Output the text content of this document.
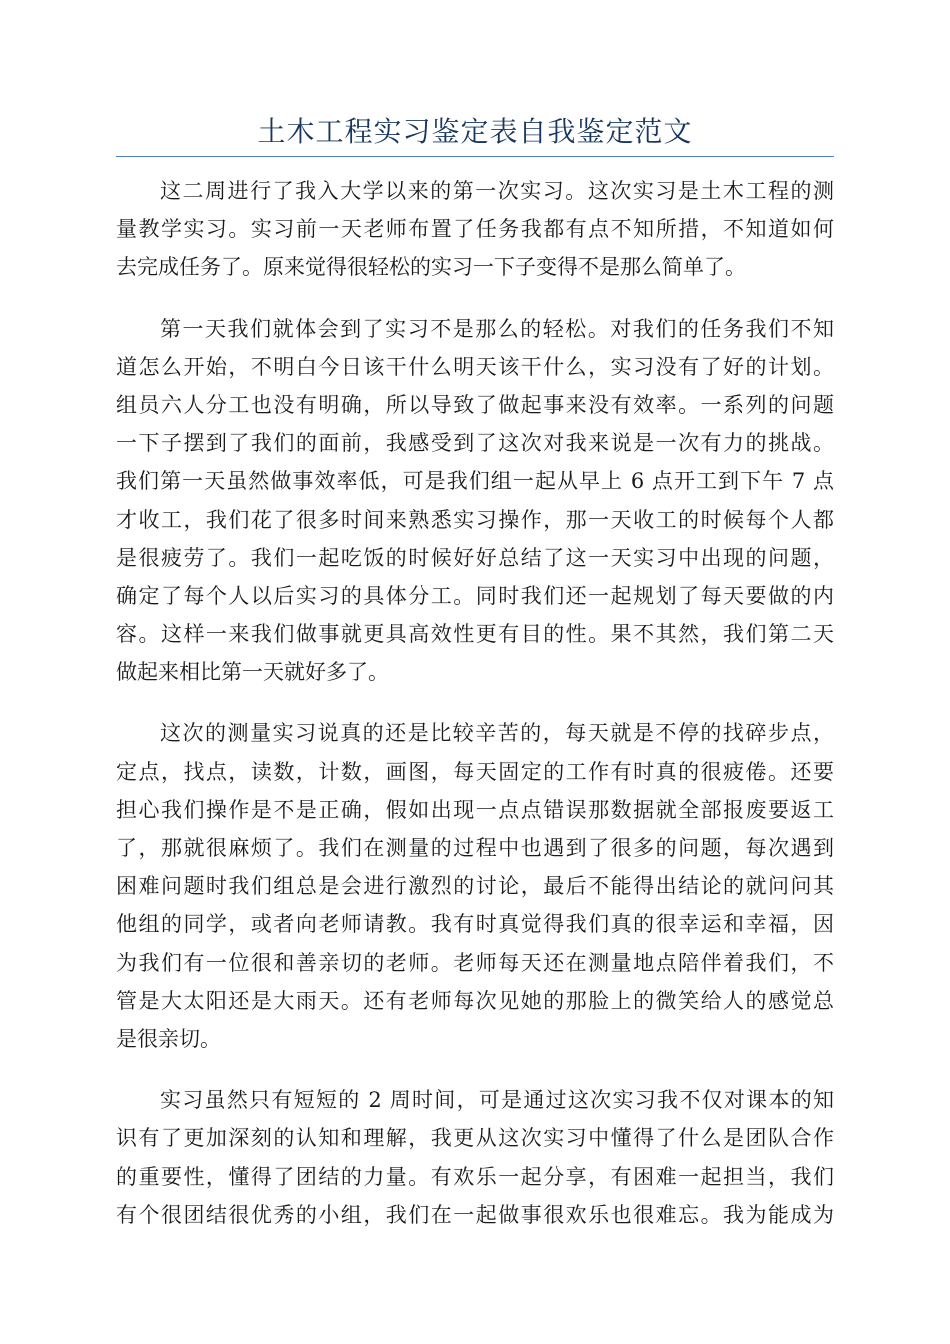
土木工程实习鉴定表自我鉴定范文

这二周进行了我入大学以来的第一次实习。这次实习是土木工程的测
量教学实习。实习前一天老师布置了任务我都有点不知所措，不知道如何
去完成任务了。原来觉得很轻松的实习一下子变得不是那么简单了。

第一天我们就体会到了实习不是那么的轻松。对我们的任务我们不知
道怎么开始，不明白今日该干什么明天该干什么，实习没有了好的计划。
组员六人分工也没有明确，所以导致了做起事来没有效率。一系列的问题
一下子摆到了我们的面前，我感受到了这次对我来说是一次有力的挑战。
我们第一天虽然做事效率低，可是我们组一起从早上 6 点开工到下午 7 点
才收工，我们花了很多时间来熟悉实习操作，那一天收工的时候每个人都
是很疲劳了。我们一起吃饭的时候好好总结了这一天实习中出现的问题，
确定了每个人以后实习的具体分工。同时我们还一起规划了每天要做的内
容。这样一来我们做事就更具高效性更有目的性。果不其然，我们第二天
做起来相比第一天就好多了。

这次的测量实习说真的还是比较辛苦的，每天就是不停的找碎步点，
定点，找点，读数，计数，画图，每天固定的工作有时真的很疲倦。还要
担心我们操作是不是正确，假如出现一点点错误那数据就全部报废要返工
了，那就很麻烦了。我们在测量的过程中也遇到了很多的问题，每次遇到
困难问题时我们组总是会进行激烈的讨论，最后不能得出结论的就问问其
他组的同学，或者向老师请教。我有时真觉得我们真的很幸运和幸福，因
为我们有一位很和善亲切的老师。老师每天还在测量地点陪伴着我们，不
管是大太阳还是大雨天。还有老师每次见她的那脸上的微笑给人的感觉总
是很亲切。

实习虽然只有短短的 2 周时间，可是通过这次实习我不仅对课本的知
识有了更加深刻的认知和理解，我更从这次实习中懂得了什么是团队合作
的重要性，懂得了团结的力量。有欢乐一起分享，有困难一起担当，我们
有个很团结很优秀的小组，我们在一起做事很欢乐也很难忘。我为能成为
